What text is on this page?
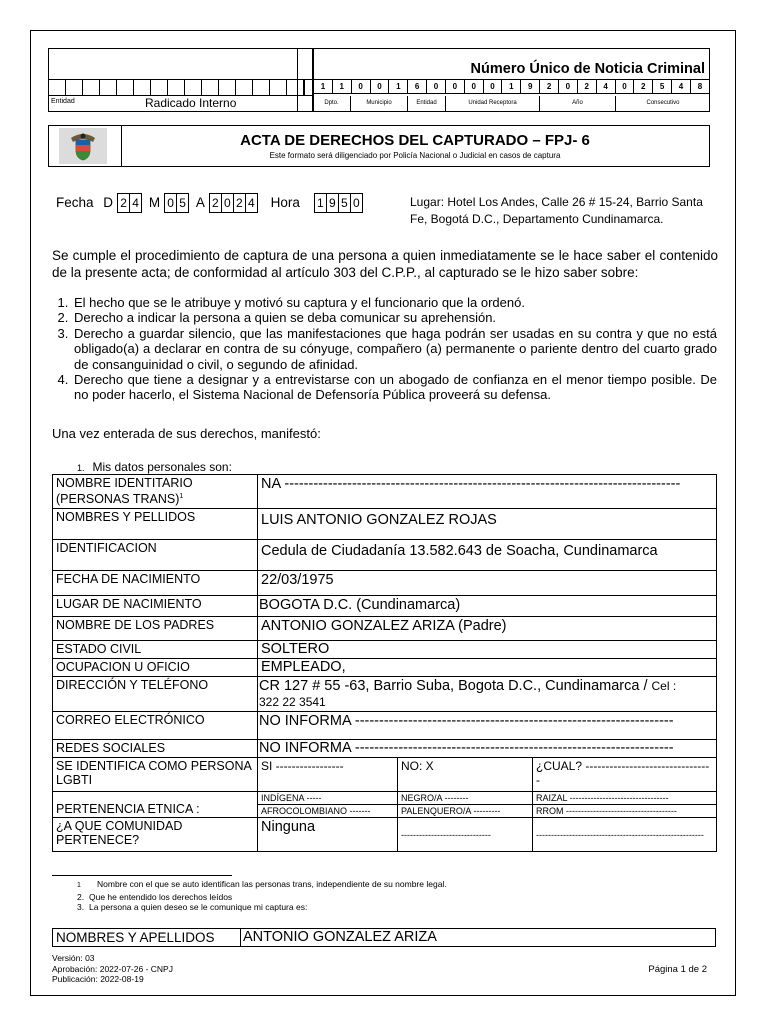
Entidad	Radicado Interno
Número Único de Noticia Criminal
1	1	0	0	1	6	0	0	0	0	1	9	2	0	2	4	0	2	5	4	8
Dpto.	Municipio	Entidad	Unidad Receptora	Año	Consecutivo
ACTA DE DERECHOS DEL CAPTURADO – FPJ- 6
Este formato será diligenciado por Policía Nacional o Judicial en casos de captura
Fecha D 2 4 M 0 5 A 2 0 2 4 Hora 1 9 5 0	Lugar: Hotel Los Andes, Calle 26 # 15-24, Barrio Santa
Fe, Bogotá D.C., Departamento Cundinamarca.
Se cumple el procedimiento de captura de una persona a quien inmediatamente se le hace saber el contenido de la presente acta; de conformidad al artículo 303 del C.P.P., al capturado se le hizo saber sobre:
1. El hecho que se le atribuye y motivó su captura y el funcionario que la ordenó.
2. Derecho a indicar la persona a quien se deba comunicar su aprehensión.
3. Derecho a guardar silencio, que las manifestaciones que haga podrán ser usadas en su contra y que no está obligado(a) a declarar en contra de su cónyuge, compañero (a) permanente o pariente dentro del cuarto grado de consanguinidad o civil, o segundo de afinidad.
4. Derecho que tiene a designar y a entrevistarse con un abogado de confianza en el menor tiempo posible. De no poder hacerlo, el Sistema Nacional de Defensoría Pública proveerá su defensa.
Una vez enterada de sus derechos, manifestó:
1. Mis datos personales son:
NOMBRE IDENTITARIO (PERSONAS TRANS)$^1$	NA ----------------------------------------------------------------------------------		
NOMBRES Y PELLIDOS	LUIS ANTONIO GONZALEZ ROJAS		
IDENTIFICACION	Cedula de Ciudadanía 13.582.643 de Soacha, Cundinamarca		
FECHA DE NACIMIENTO	22/03/1975		
LUGAR DE NACIMIENTO	BOGOTA D.C. (Cundinamarca)		
NOMBRE DE LOS PADRES	ANTONIO GONZALEZ ARIZA (Padre)		
ESTADO CIVIL	SOLTERO		
OCUPACION U OFICIO	EMPLEADO,		
DIRECCIÓN Y TELÉFONO	CR 127 # 55 -63, Barrio Suba, Bogota D.C., Cundinamarca / Cel :
322 22 3541		
CORREO ELECTRÓNICO	NO INFORMA ------------------------------------------------------------------		
REDES SOCIALES	NO INFORMA ------------------------------------------------------------------		
SE IDENTIFICA COMO PERSONA LGBTI	SI -----------------	NO: X	¿CUAL? --------------------------------
PERTENENCIA ETNICA :	INDÍGENA -----	NEGRO/A --------	RAIZAL ---------------------------------
	AFROCOLOMBIANO -------	PALENQUERO/A ---------	RROM -------------------------------------
¿A QUE COMUNIDAD PERTENECE?	Ninguna	------------------------------	--------------------------------------------------------
1 Nombre con el que se auto identifican las personas trans, independiente de su nombre legal.
2. Que he entendido los derechos leídos
3. La persona a quien deseo se le comunique mi captura es:
NOMBRES Y APELLIDOS	ANTONIO GONZALEZ ARIZA
Versión: 03
Aprobación: 2022-07-26 - CNPJ
Publicación: 2022-08-19
Página 1 de 2
